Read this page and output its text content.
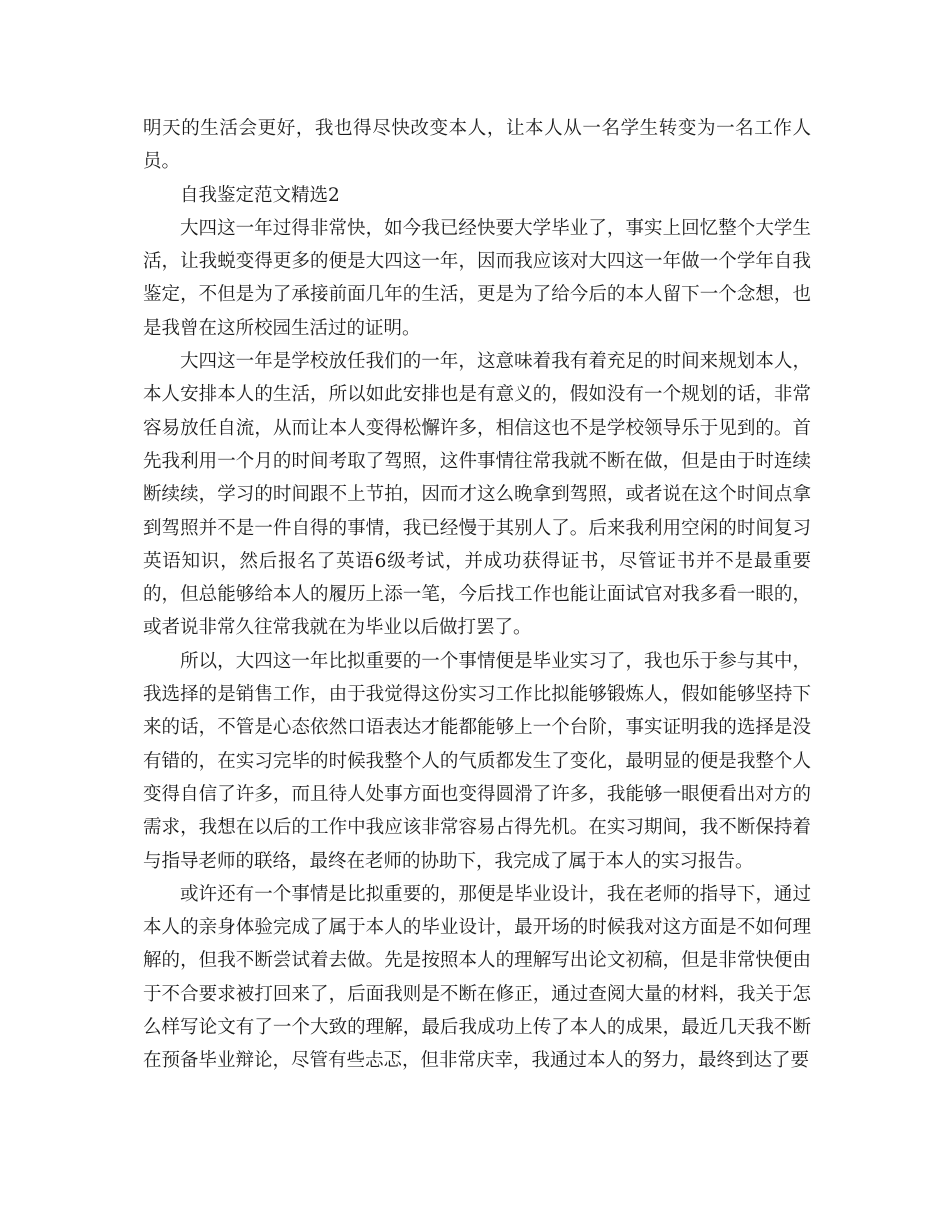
明天的生活会更好，我也得尽快改变本人，让本人从一名学生转变为一名工作人员。

自我鉴定范文精选2

大四这一年过得非常快，如今我已经快要大学毕业了，事实上回忆整个大学生活，让我蜕变得更多的便是大四这一年，因而我应该对大四这一年做一个学年自我鉴定，不但是为了承接前面几年的生活，更是为了给今后的本人留下一个念想，也是我曾在这所校园生活过的证明。

大四这一年是学校放任我们的一年，这意味着我有着充足的时间来规划本人，本人安排本人的生活，所以如此安排也是有意义的，假如没有一个规划的话，非常容易放任自流，从而让本人变得松懈许多，相信这也不是学校领导乐于见到的。首先我利用一个月的时间考取了驾照，这件事情往常我就不断在做，但是由于时连续断续续，学习的时间跟不上节拍，因而才这么晚拿到驾照，或者说在这个时间点拿到驾照并不是一件自得的事情，我已经慢于其别人了。后来我利用空闲的时间复习英语知识，然后报名了英语6级考试，并成功获得证书，尽管证书并不是最重要的，但总能够给本人的履历上添一笔，今后找工作也能让面试官对我多看一眼的，或者说非常久往常我就在为毕业以后做打罢了。

所以，大四这一年比拟重要的一个事情便是毕业实习了，我也乐于参与其中，我选择的是销售工作，由于我觉得这份实习工作比拟能够锻炼人，假如能够坚持下来的话，不管是心态依然口语表达才能都能够上一个台阶，事实证明我的选择是没有错的，在实习完毕的时候我整个人的气质都发生了变化，最明显的便是我整个人变得自信了许多，而且待人处事方面也变得圆滑了许多，我能够一眼便看出对方的需求，我想在以后的工作中我应该非常容易占得先机。在实习期间，我不断保持着与指导老师的联络，最终在老师的协助下，我完成了属于本人的实习报告。

或许还有一个事情是比拟重要的，那便是毕业设计，我在老师的指导下，通过本人的亲身体验完成了属于本人的毕业设计，最开场的时候我对这方面是不如何理解的，但我不断尝试着去做。先是按照本人的理解写出论文初稿，但是非常快便由于不合要求被打回来了，后面我则是不断在修正，通过查阅大量的材料，我关于怎么样写论文有了一个大致的理解，最后我成功上传了本人的成果，最近几天我不断在预备毕业辩论，尽管有些忐忑，但非常庆幸，我通过本人的努力，最终到达了要
